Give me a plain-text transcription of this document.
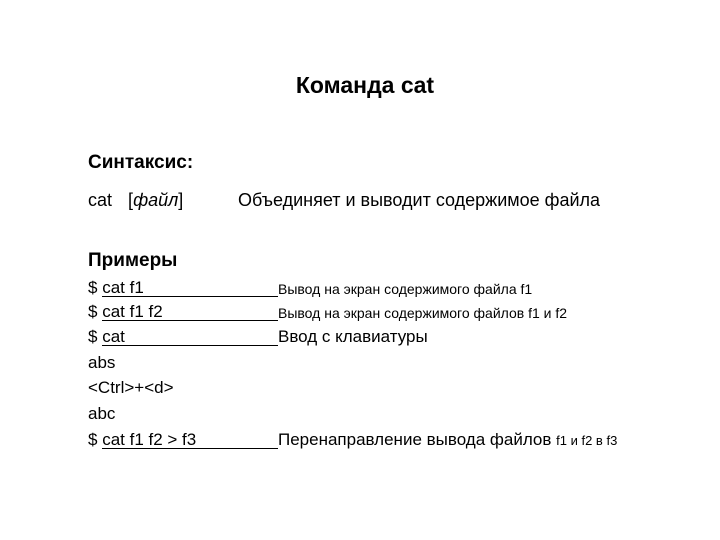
Команда cat
Синтаксис:
cat [файл]	Объединяет и выводит содержимое файла
Примеры
$ cat f1	Вывод на экран содержимого файла f1
$ cat f1 f2	Вывод на экран содержимого файлов f1 и f2
$ cat	Ввод с клавиатуры
abs
<Ctrl>+<d>
abc
$ cat f1 f2 > f3	Перенаправление вывода файлов f1 и f2 в f3
